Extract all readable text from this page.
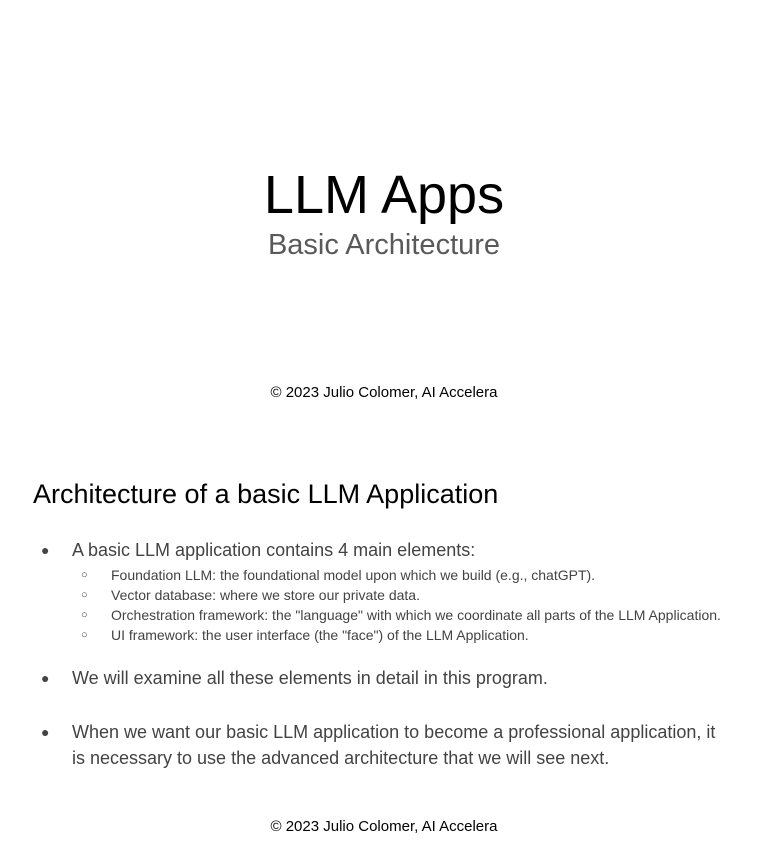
LLM Apps
Basic Architecture
© 2023 Julio Colomer, AI Accelera
Architecture of a basic LLM Application
● A basic LLM application contains 4 main elements:
○ Foundation LLM: the foundational model upon which we build (e.g., chatGPT).
○ Vector database: where we store our private data.
○ Orchestration framework: the "language" with which we coordinate all parts of the LLM Application.
○ UI framework: the user interface (the "face") of the LLM Application.
● We will examine all these elements in detail in this program.
● When we want our basic LLM application to become a professional application, it is necessary to use the advanced architecture that we will see next.
© 2023 Julio Colomer, AI Accelera
